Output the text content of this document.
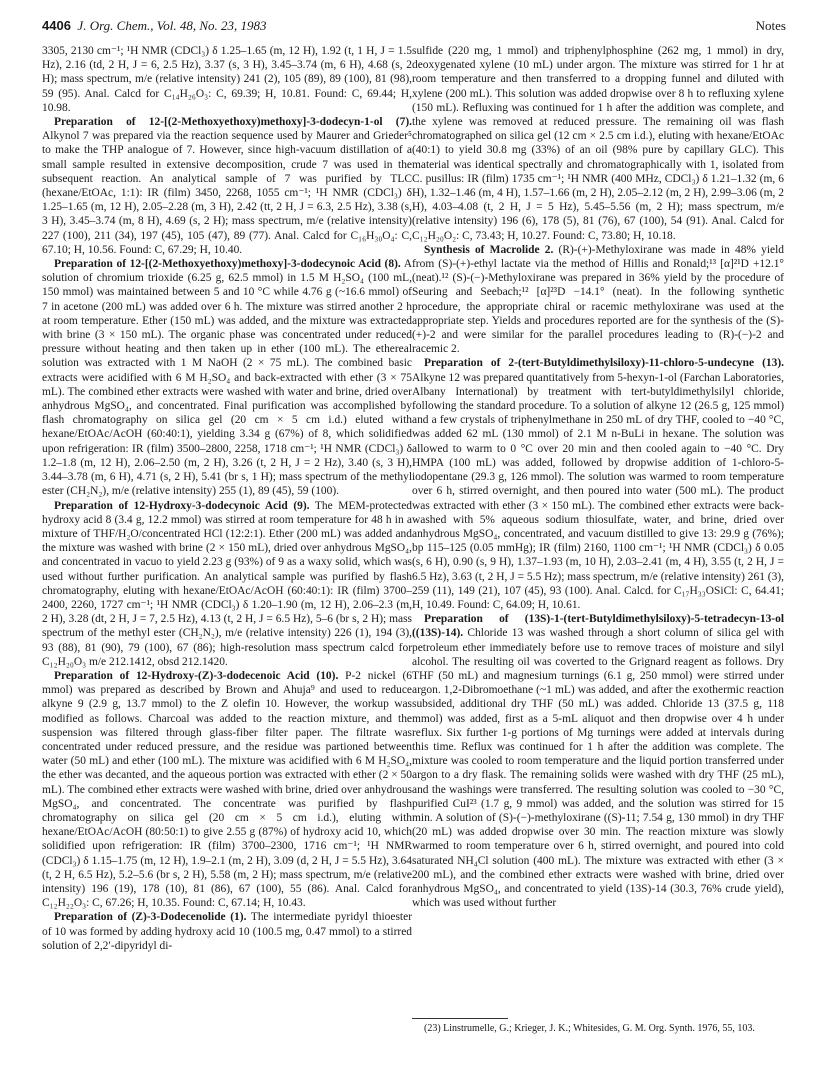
4406 J. Org. Chem., Vol. 48, No. 23, 1983	Notes

3305, 2130 cm⁻¹; ¹H NMR (CDCl₃) δ 1.25–1.65 (m, 12 H), 1.92 (t, 1 H, J = 1.5 Hz), 2.16 (td, 2 H, J = 6, 2.5 Hz), 3.37 (s, 3 H), 3.45–3.74 (m, 6 H), 4.68 (s, 2 H); mass spectrum, m/e (relative intensity) 241 (2), 105 (89), 89 (100), 81 (98), 59 (95). Anal. Calcd for C₁₄H₂₆O₃: C, 69.39; H, 10.81. Found: C, 69.44; H, 10.98.

Preparation of 12-[(2-Methoxyethoxy)methoxy]-3-dodecyn-1-ol (7). Alkynol 7 was prepared via the reaction sequence used by Maurer and Grieder⁵ to make the THP analogue of 7. However, since high-vacuum distillation of a small sample resulted in extensive decomposition, crude 7 was used in the subsequent reaction. An analytical sample of 7 was purified by TLC (hexane/EtOAc, 1:1): IR (film) 3450, 2268, 1055 cm⁻¹; ¹H NMR (CDCl₃) δ 1.25–1.65 (m, 12 H), 2.05–2.28 (m, 3 H), 2.42 (tt, 2 H, J = 6.3, 2.5 Hz), 3.38 (s, 3 H), 3.45–3.74 (m, 8 H), 4.69 (s, 2 H); mass spectrum, m/e (relative intensity) 227 (100), 211 (34), 197 (45), 105 (47), 89 (77). Anal. Calcd for C₁₆H₃₀O₄: C, 67.10; H, 10.56. Found: C, 67.29; H, 10.40.

Preparation of 12-[(2-Methoxyethoxy)methoxy]-3-dodecynoic Acid (8). A solution of chromium trioxide (6.25 g, 62.5 mmol) in 1.5 M H₂SO₄ (100 mL, 150 mmol) was maintained between 5 and 10 °C while 4.76 g (~16.6 mmol) of 7 in acetone (200 mL) was added over 6 h. The mixture was stirred another 2 h at room temperature. Ether (150 mL) was added, and the mixture was extracted with brine (3 × 150 mL). The organic phase was concentrated under reduced pressure without heating and then taken up in ether (100 mL). The ethereal solution was extracted with 1 M NaOH (2 × 75 mL). The combined basic extracts were acidified with 6 M H₂SO₄ and back-extracted with ether (3 × 75 mL). The combined ether extracts were washed with water and brine, dried over anhydrous MgSO₄, and concentrated. Final purification was accomplished by flash chromatography on silica gel (20 cm × 5 cm i.d.) eluted with hexane/EtOAc/AcOH (60:40:1), yielding 3.34 g (67%) of 8, which solidified upon refrigeration: IR (film) 3500–2800, 2258, 1718 cm⁻¹; ¹H NMR (CDCl₃) δ 1.2–1.8 (m, 12 H), 2.06–2.50 (m, 2 H), 3.26 (t, 2 H, J = 2 Hz), 3.40 (s, 3 H), 3.44–3.78 (m, 6 H), 4.71 (s, 2 H), 5.41 (br s, 1 H); mass spectrum of the methyl ester (CH₂N₂), m/e (relative intensity) 255 (1), 89 (45), 59 (100).

Preparation of 12-Hydroxy-3-dodecynoic Acid (9). The MEM-protected hydroxy acid 8 (3.4 g, 12.2 mmol) was stirred at room temperature for 48 h in a mixture of THF/H₂O/concentrated HCl (12:2:1). Ether (200 mL) was added and the mixture was washed with brine (2 × 150 mL), dried over anhydrous MgSO₄, and concentrated in vacuo to yield 2.23 g (93%) of 9 as a waxy solid, which was used without further purification. An analytical sample was purified by flash chromatography, eluting with hexane/EtOAc/AcOH (60:40:1): IR (film) 3700–2400, 2260, 1727 cm⁻¹; ¹H NMR (CDCl₃) δ 1.20–1.90 (m, 12 H), 2.06–2.3 (m, 2 H), 3.28 (dt, 2 H, J = 7, 2.5 Hz), 4.13 (t, 2 H, J = 6.5 Hz), 5–6 (br s, 2 H); mass spectrum of the methyl ester (CH₂N₂), m/e (relative intensity) 226 (1), 194 (3), 93 (88), 81 (90), 79 (100), 67 (86); high-resolution mass spectrum calcd for C₁₂H₂₀O₃ m/e 212.1412, obsd 212.1420.

Preparation of 12-Hydroxy-(Z)-3-dodecenoic Acid (10). P-2 nickel (6 mmol) was prepared as described by Brown and Ahuja⁹ and used to reduce alkyne 9 (2.9 g, 13.7 mmol) to the Z olefin 10. However, the workup was modified as follows. Charcoal was added to the reaction mixture, and the suspension was filtered through glass-fiber filter paper. The filtrate was concentrated under reduced pressure, and the residue was partioned between water (50 mL) and ether (100 mL). The mixture was acidified with 6 M H₂SO₄, the ether was decanted, and the aqueous portion was extracted with ether (2 × 50 mL). The combined ether extracts were washed with brine, dried over anhydrous MgSO₄, and concentrated. The concentrate was purified by flash chromatography on silica gel (20 cm × 5 cm i.d.), eluting with hexane/EtOAc/AcOH (80:50:1) to give 2.55 g (87%) of hydroxy acid 10, which solidified upon refrigeration: IR (film) 3700–2300, 1716 cm⁻¹; ¹H NMR (CDCl₃) δ 1.15–1.75 (m, 12 H), 1.9–2.1 (m, 2 H), 3.09 (d, 2 H, J = 5.5 Hz), 3.64 (t, 2 H, 6.5 Hz), 5.2–5.6 (br s, 2 H), 5.58 (m, 2 H); mass spectrum, m/e (relative intensity) 196 (19), 178 (10), 81 (86), 67 (100), 55 (86). Anal. Calcd for C₁₂H₂₂O₃: C, 67.26; H, 10.35. Found: C, 67.14; H, 10.43.

Preparation of (Z)-3-Dodecenolide (1). The intermediate pyridyl thioester of 10 was formed by adding hydroxy acid 10 (100.5 mg, 0.47 mmol) to a stirred solution of 2,2′-dipyridyl di-

sulfide (220 mg, 1 mmol) and triphenylphosphine (262 mg, 1 mmol) in dry, deoxygenated xylene (10 mL) under argon. The mixture was stirred for 1 hr at room temperature and then transferred to a dropping funnel and diluted with xylene (200 mL). This solution was added dropwise over 8 h to refluxing xylene (150 mL). Refluxing was continued for 1 h after the addition was complete, and the xylene was removed at reduced pressure. The remaining oil was flash chromatographed on silica gel (12 cm × 2.5 cm i.d.), eluting with hexane/EtOAc (40:1) to yield 30.8 mg (33%) of an oil (98% pure by capillary GLC). This material was identical spectrally and chromatographically with 1, isolated from C. pusillus: IR (film) 1735 cm⁻¹; ¹H NMR (400 MHz, CDCl₃) δ 1.21–1.32 (m, 6 H), 1.32–1.46 (m, 4 H), 1.57–1.66 (m, 2 H), 2.05–2.12 (m, 2 H), 2.99–3.06 (m, 2 H), 4.03–4.08 (t, 2 H, J = 5 Hz), 5.45–5.56 (m, 2 H); mass spectrum, m/e (relative intensity) 196 (6), 178 (5), 81 (76), 67 (100), 54 (91). Anal. Calcd for C₁₂H₂₀O₂: C, 73.43; H, 10.27. Found: C, 73.80; H, 10.18.

Synthesis of Macrolide 2. (R)-(+)-Methyloxirane was made in 48% yield from (S)-(+)-ethyl lactate via the method of Hillis and Ronald;¹³ [α]²¹D +12.1° (neat).¹² (S)-(−)-Methyloxirane was prepared in 36% yield by the procedure of Seuring and Seebach;¹² [α]²³D −14.1° (neat). In the following synthetic procedure, the appropriate chiral or racemic methyloxirane was used at the appropriate step. Yields and procedures reported are for the synthesis of the (S)-(+)-2 and were similar for the parallel procedures leading to (R)-(−)-2 and racemic 2.

Preparation of 2-(tert-Butyldimethylsiloxy)-11-chloro-5-undecyne (13). Alkyne 12 was prepared quantitatively from 5-hexyn-1-ol (Farchan Laboratories, Albany International) by treatment with tert-butyldimethylsilyl chloride, following the standard procedure. To a solution of alkyne 12 (26.5 g, 125 mmol) and a few crystals of triphenylmethane in 250 mL of dry THF, cooled to −40 °C, was added 62 mL (130 mmol) of 2.1 M n-BuLi in hexane. The solution was allowed to warm to 0 °C over 20 min and then cooled again to −40 °C. Dry HMPA (100 mL) was added, followed by dropwise addition of 1-chloro-5-iodopentane (29.3 g, 126 mmol). The solution was warmed to room temperature over 6 h, stirred overnight, and then poured into water (500 mL). The product was extracted with ether (3 × 150 mL). The combined ether extracts were back-washed with 5% aqueous sodium thiosulfate, water, and brine, dried over anhydrous MgSO₄, concentrated, and vacuum distilled to give 13: 29.9 g (76%); bp 115–125 (0.05 mmHg); IR (film) 2160, 1100 cm⁻¹; ¹H NMR (CDCl₃) δ 0.05 (s, 6 H), 0.90 (s, 9 H), 1.37–1.93 (m, 10 H), 2.03–2.41 (m, 4 H), 3.55 (t, 2 H, J = 6.5 Hz), 3.63 (t, 2 H, J = 5.5 Hz); mass spectrum, m/e (relative intensity) 261 (3), 259 (11), 149 (21), 107 (45), 93 (100). Anal. Calcd. for C₁₇H₃₃OSiCl: C, 64.41; H, 10.49. Found: C, 64.09; H, 10.61.

Preparation of (13S)-1-(tert-Butyldimethylsiloxy)-5-tetradecyn-13-ol ((13S)-14). Chloride 13 was washed through a short column of silica gel with petroleum ether immediately before use to remove traces of moisture and silyl alcohol. The resulting oil was coverted to the Grignard reagent as follows. Dry THF (50 mL) and magnesium turnings (6.1 g, 250 mmol) were stirred under argon. 1,2-Dibromoethane (~1 mL) was added, and after the exothermic reaction subsided, additional dry THF (50 mL) was added. Chloride 13 (37.5 g, 118 mmol) was added, first as a 5-mL aliquot and then dropwise over 4 h under reflux. Six further 1-g portions of Mg turnings were added at intervals during this time. Reflux was continued for 1 h after the addition was complete. The mixture was cooled to room temperature and the liquid portion transferred under argon to a dry flask. The remaining solids were washed with dry THF (25 mL), and the washings were transferred. The resulting solution was cooled to −30 °C, purified CuI²³ (1.7 g, 9 mmol) was added, and the solution was stirred for 15 min. A solution of (S)-(−)-methyloxirane ((S)-11; 7.54 g, 130 mmol) in dry THF (20 mL) was added dropwise over 30 min. The reaction mixture was slowly warmed to room temperature over 6 h, stirred overnight, and poured into cold saturated NH₄Cl solution (400 mL). The mixture was extracted with ether (3 × 200 mL), and the combined ether extracts were washed with brine, dried over anhydrous MgSO₄, and concentrated to yield (13S)-14 (30.3, 76% crude yield), which was used without further

(23) Linstrumelle, G.; Krieger, J. K.; Whitesides, G. M. Org. Synth. 1976, 55, 103.
